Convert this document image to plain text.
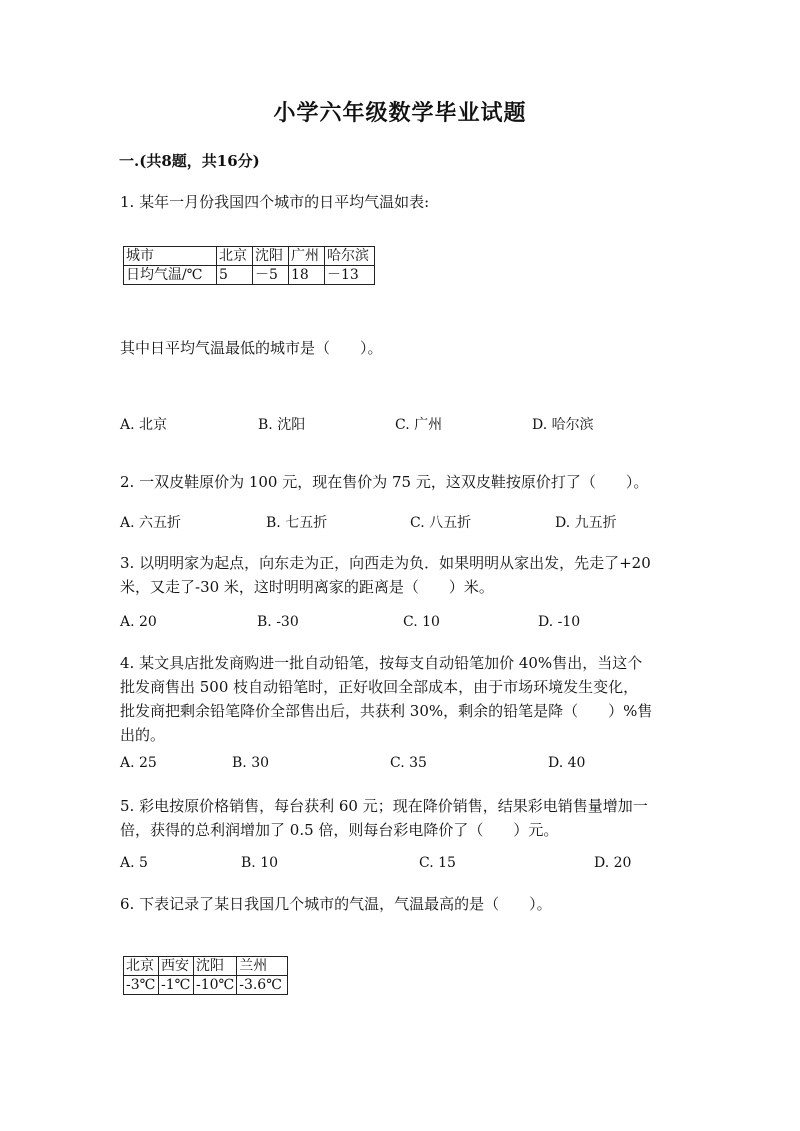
小学六年级数学毕业试题
一.(共8题，共16分)
1. 某年一月份我国四个城市的日平均气温如表:
城市	北京	沈阳	广州	哈尔滨
日均气温/℃	5	－5	18	－13
其中日平均气温最低的城市是（　　）。
A. 北京	B. 沈阳	C. 广州	D. 哈尔滨
2. 一双皮鞋原价为 100 元，现在售价为 75 元，这双皮鞋按原价打了（　　）。
A. 六五折	B. 七五折	C. 八五折	D. 九五折
3. 以明明家为起点，向东走为正，向西走为负．如果明明从家出发，先走了+20
米，又走了-30 米，这时明明离家的距离是（　　）米。
A. 20	B. -30	C. 10	D. -10
4. 某文具店批发商购进一批自动铅笔，按每支自动铅笔加价 40%售出，当这个
批发商售出 500 枝自动铅笔时，正好收回全部成本，由于市场环境发生变化，
批发商把剩余铅笔降价全部售出后，共获利 30%，剩余的铅笔是降（　　）%售
出的。
A. 25	B. 30	C. 35	D. 40
5. 彩电按原价格销售，每台获利 60 元；现在降价销售，结果彩电销售量增加一
倍，获得的总利润增加了 0.5 倍，则每台彩电降价了（　　）元。
A. 5	B. 10	C. 15	D. 20
6. 下表记录了某日我国几个城市的气温，气温最高的是（　　）。
北京	西安	沈阳	兰州
-3℃	-1℃	-10℃	-3.6℃
